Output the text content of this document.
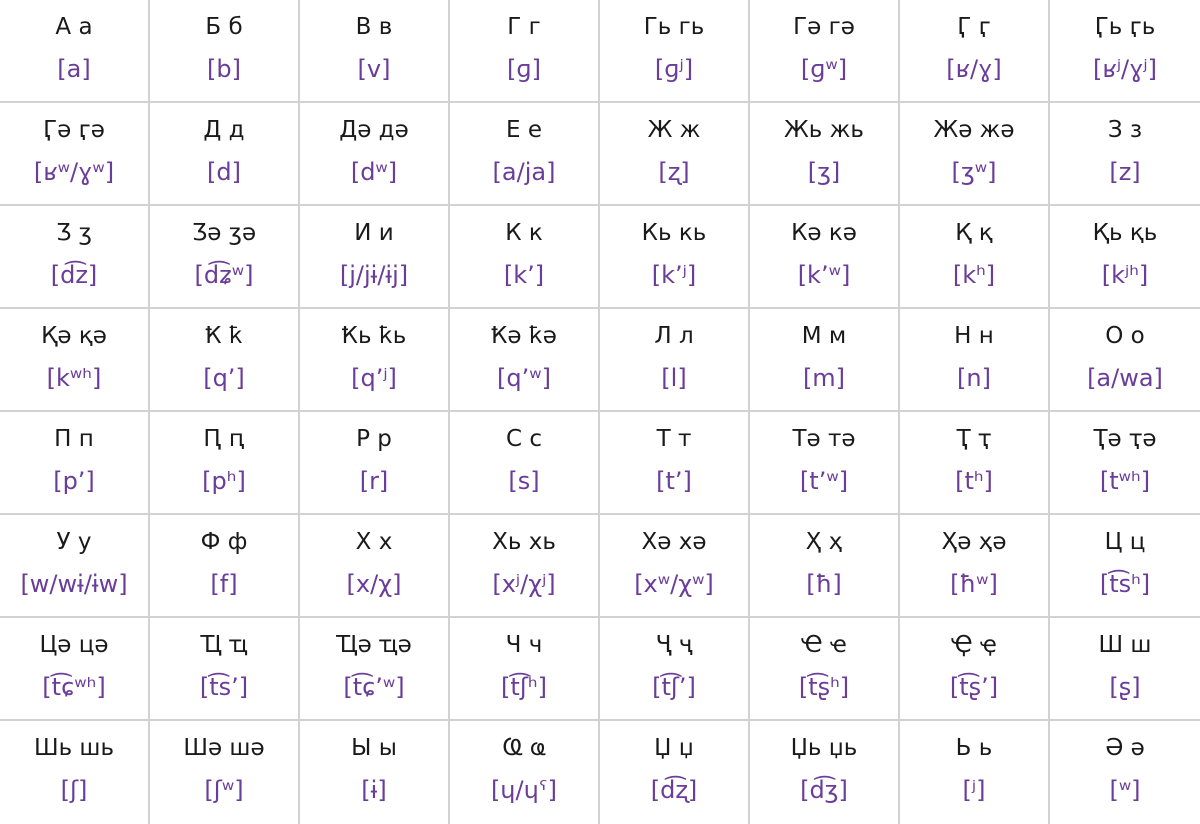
А а
[a]
Б б
[b]
В в
[v]
Г г
[ɡ]
Гь гь
[ɡʲ]
Гә гә
[ɡʷ]
Ӷ ӷ
[ʁ/ɣ]
Ӷь ӷь
[ʁʲ/ɣʲ]
Ӷә ӷә
[ʁʷ/ɣʷ]
Д д
[d]
Дә дә
[dʷ]
Е е
[a/ja]
Ж ж
[ʐ]
Жь жь
[ʒ]
Жә жә
[ʒʷ]
З з
[z]
Ӡ ӡ
[d͡z]
Ӡә ӡә
[d͡ʑʷ]
И и
[j/jɨ/ɨj]
К к
[kʼ]
Кь кь
[kʼʲ]
Кә кә
[kʼʷ]
Қ қ
[kʰ]
Қь қь
[kʲʰ]
Қә қә
[kʷʰ]
Ҟ ҟ
[qʼ]
Ҟь ҟь
[qʼʲ]
Ҟә ҟә
[qʼʷ]
Л л
[l]
М м
[m]
Н н
[n]
О о
[a/wa]
П п
[pʼ]
Ԥ ԥ
[pʰ]
Р р
[r]
С с
[s]
Т т
[tʼ]
Тә тә
[tʼʷ]
Ҭ ҭ
[tʰ]
Ҭә ҭә
[tʷʰ]
У у
[w/wɨ/ɨw]
Ф ф
[f]
Х х
[x/χ]
Хь хь
[xʲ/χʲ]
Хә хә
[xʷ/χʷ]
Ҳ ҳ
[ħ]
Ҳә ҳә
[ħʷ]
Ц ц
[t͡sʰ]
Цә цә
[t͡ɕʷʰ]
Ҵ ҵ
[t͡sʼ]
Ҵә ҵә
[t͡ɕʼʷ]
Ч ч
[t͡ʃʰ]
Ҷ ҷ
[t͡ʃʼ]
Ҽ ҽ
[t͡ʂʰ]
Ҿ ҿ
[t͡ʂʼ]
Ш ш
[ʂ]
Шь шь
[ʃ]
Шә шә
[ʃʷ]
Ы ы
[ɨ]
Ҩ ҩ
[ɥ/ɥˤ]
Џ џ
[d͡ʐ]
Џь џь
[d͡ʒ]
Ь ь
[ʲ]
Ә ә
[ʷ]
